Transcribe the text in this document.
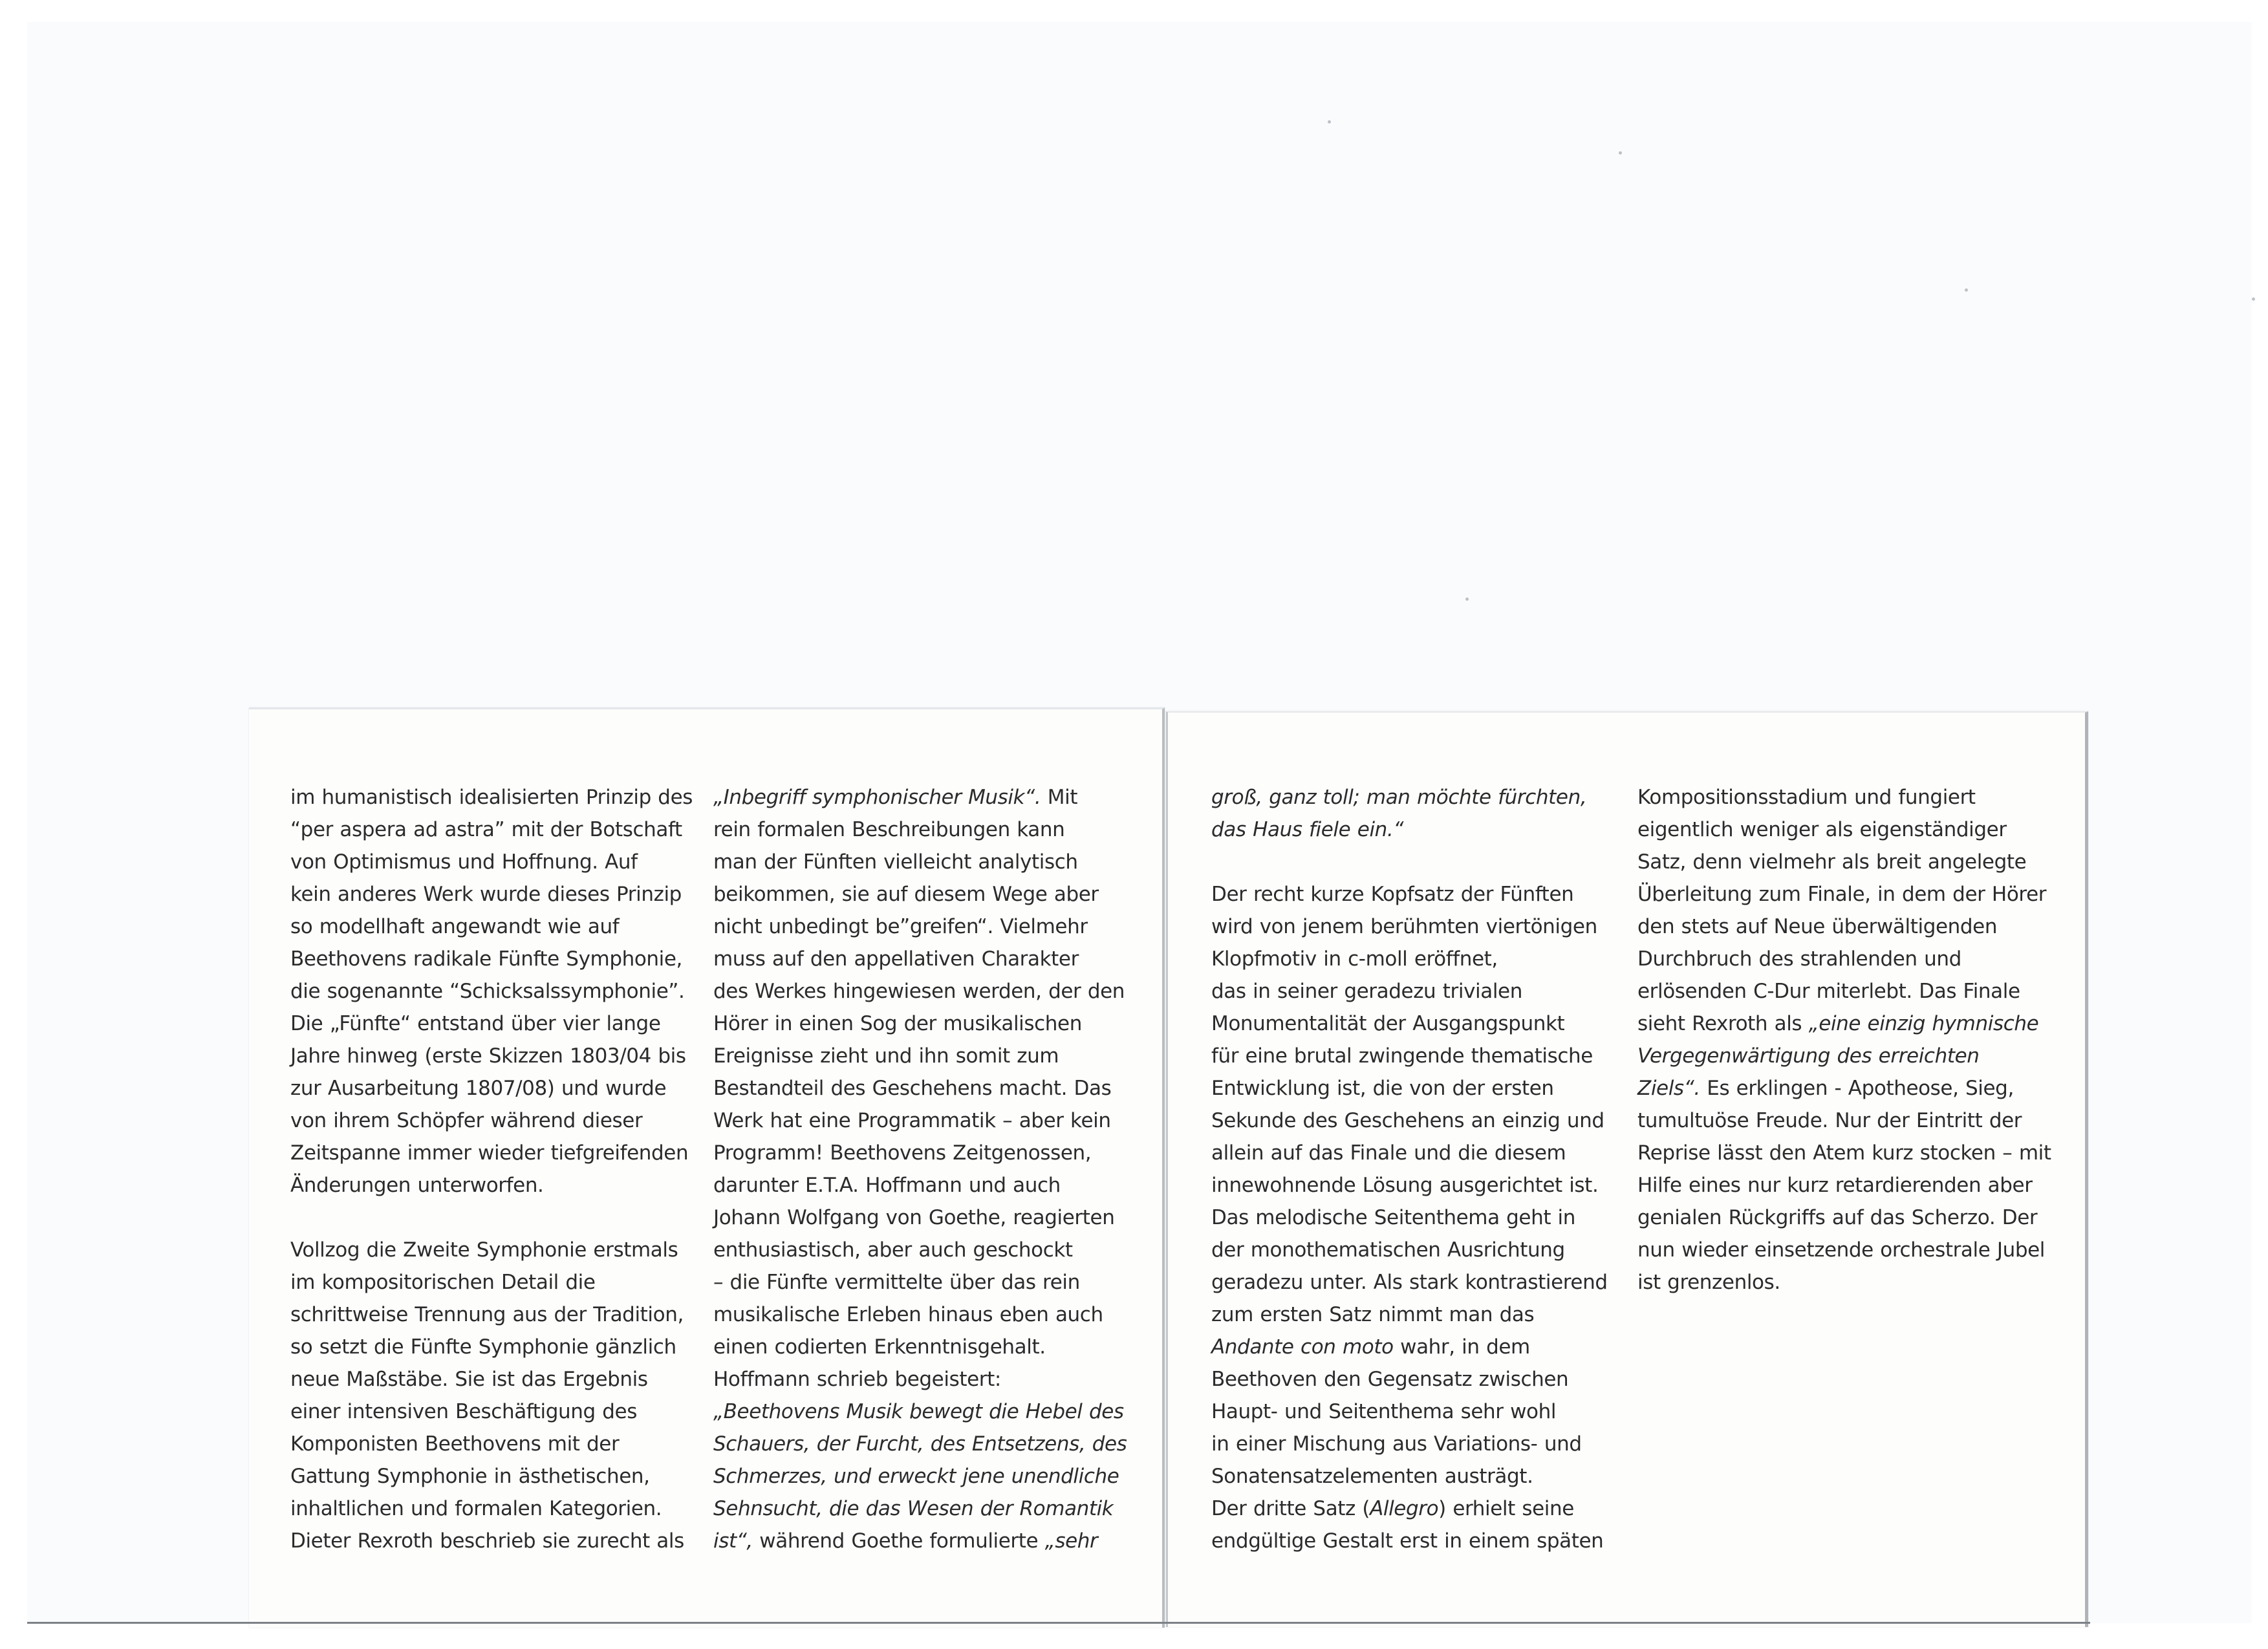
im humanistisch idealisierten Prinzip des
“per aspera ad astra” mit der Botschaft
von Optimismus und Hoffnung. Auf
kein anderes Werk wurde dieses Prinzip
so modellhaft angewandt wie auf
Beethovens radikale Fünfte Symphonie,
die sogenannte “Schicksalssymphonie”.
Die „Fünfte“ entstand über vier lange
Jahre hinweg (erste Skizzen 1803/04 bis
zur Ausarbeitung 1807/08) und wurde
von ihrem Schöpfer während dieser
Zeitspanne immer wieder tiefgreifenden
Änderungen unterworfen.
Vollzog die Zweite Symphonie erstmals
im kompositorischen Detail die
schrittweise Trennung aus der Tradition,
so setzt die Fünfte Symphonie gänzlich
neue Maßstäbe. Sie ist das Ergebnis
einer intensiven Beschäftigung des
Komponisten Beethovens mit der
Gattung Symphonie in ästhetischen,
inhaltlichen und formalen Kategorien.
Dieter Rexroth beschrieb sie zurecht als
„Inbegriff symphonischer Musik“. Mit
rein formalen Beschreibungen kann
man der Fünften vielleicht analytisch
beikommen, sie auf diesem Wege aber
nicht unbedingt be”greifen“. Vielmehr
muss auf den appellativen Charakter
des Werkes hingewiesen werden, der den
Hörer in einen Sog der musikalischen
Ereignisse zieht und ihn somit zum
Bestandteil des Geschehens macht. Das
Werk hat eine Programmatik – aber kein
Programm! Beethovens Zeitgenossen,
darunter E.T.A. Hoffmann und auch
Johann Wolfgang von Goethe, reagierten
enthusiastisch, aber auch geschockt
– die Fünfte vermittelte über das rein
musikalische Erleben hinaus eben auch
einen codierten Erkenntnisgehalt.
Hoffmann schrieb begeistert:
„Beethovens Musik bewegt die Hebel des
Schauers, der Furcht, des Entsetzens, des
Schmerzes, und erweckt jene unendliche
Sehnsucht, die das Wesen der Romantik
ist“, während Goethe formulierte „sehr
groß, ganz toll; man möchte fürchten,
das Haus fiele ein.“
Der recht kurze Kopfsatz der Fünften
wird von jenem berühmten viertönigen
Klopfmotiv in c-moll eröffnet,
das in seiner geradezu trivialen
Monumentalität der Ausgangspunkt
für eine brutal zwingende thematische
Entwicklung ist, die von der ersten
Sekunde des Geschehens an einzig und
allein auf das Finale und die diesem
innewohnende Lösung ausgerichtet ist.
Das melodische Seitenthema geht in
der monothematischen Ausrichtung
geradezu unter. Als stark kontrastierend
zum ersten Satz nimmt man das
Andante con moto wahr, in dem
Beethoven den Gegensatz zwischen
Haupt- und Seitenthema sehr wohl
in einer Mischung aus Variations- und
Sonatensatzelementen austrägt.
Der dritte Satz (Allegro) erhielt seine
endgültige Gestalt erst in einem späten
Kompositionsstadium und fungiert
eigentlich weniger als eigenständiger
Satz, denn vielmehr als breit angelegte
Überleitung zum Finale, in dem der Hörer
den stets auf Neue überwältigenden
Durchbruch des strahlenden und
erlösenden C-Dur miterlebt. Das Finale
sieht Rexroth als „eine einzig hymnische
Vergegenwärtigung des erreichten
Ziels“. Es erklingen - Apotheose, Sieg,
tumultuöse Freude. Nur der Eintritt der
Reprise lässt den Atem kurz stocken – mit
Hilfe eines nur kurz retardierenden aber
genialen Rückgriffs auf das Scherzo. Der
nun wieder einsetzende orchestrale Jubel
ist grenzenlos.
